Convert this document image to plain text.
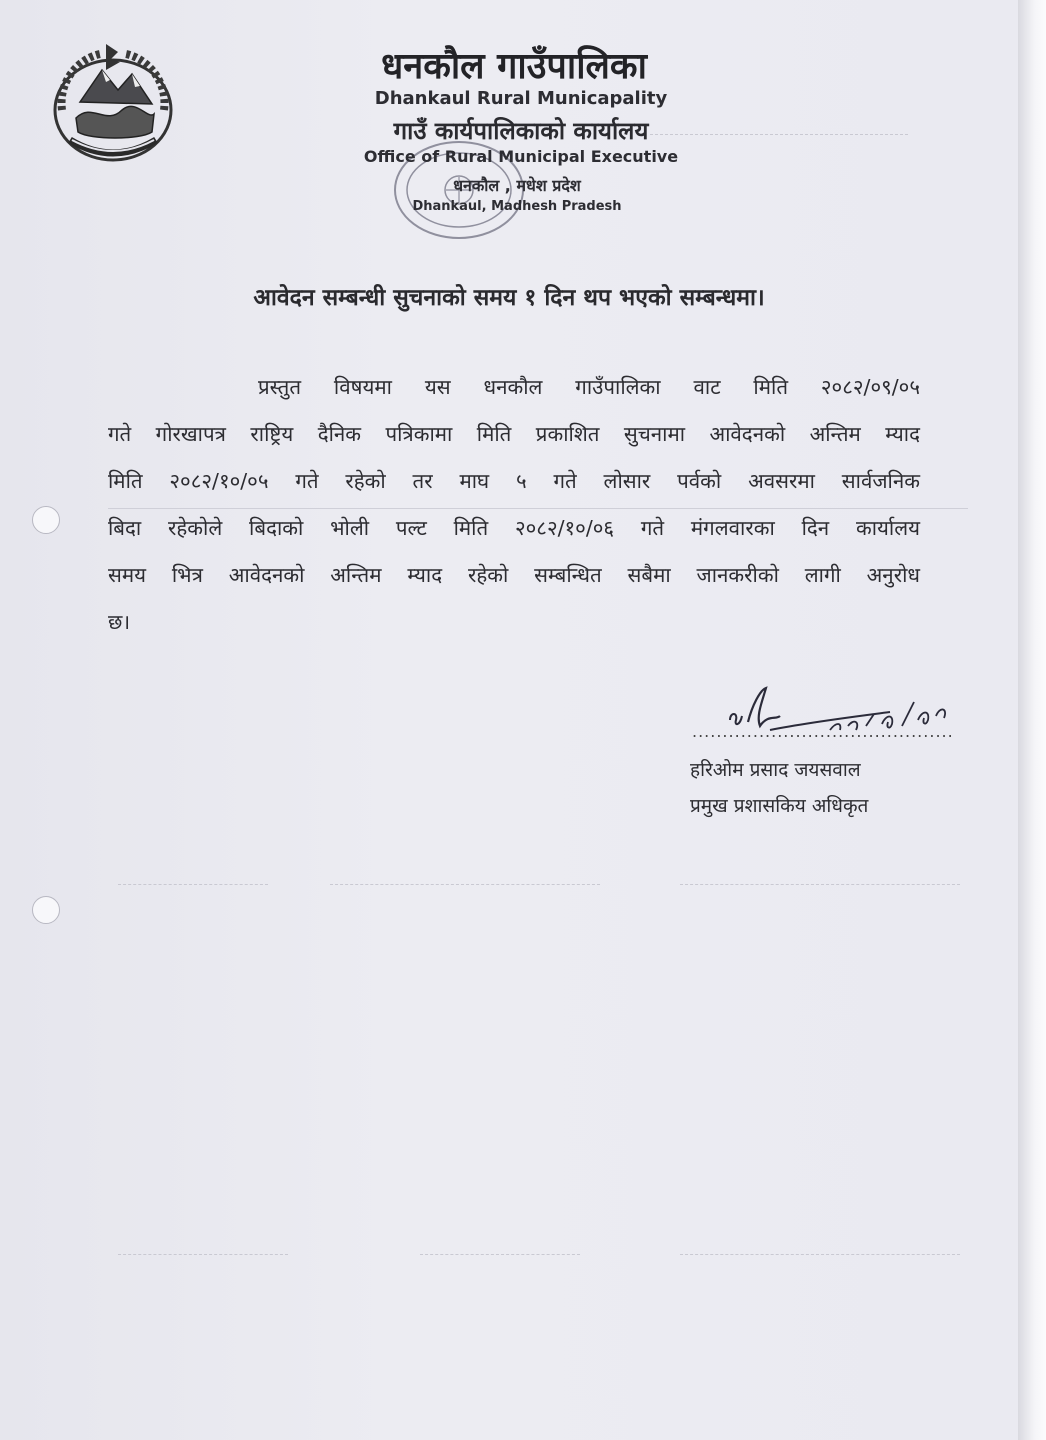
धनकौल गाउँपालिका
Dhankaul Rural Municapality
गाउँ कार्यपालिकाको कार्यालय
Office of Rural Municipal Executive
धनकौल , मधेश प्रदेश
Dhankaul, Madhesh Pradesh
आवेदन सम्बन्धी सुचनाको समय १ दिन थप भएको सम्बन्धमा।
प्रस्तुत विषयमा यस धनकौल गाउँपालिका वाट मिति २०८२/०९/०५
गते गोरखापत्र राष्ट्रिय दैनिक पत्रिकामा मिति प्रकाशित सुचनामा आवेदनको अन्तिम म्याद
मिति २०८२/१०/०५ गते रहेको तर माघ ५ गते लोसार पर्वको अवसरमा सार्वजनिक
बिदा रहेकोले बिदाको भोली पल्ट मिति २०८२/१०/०६ गते मंगलवारका दिन कार्यालय
समय भित्र आवेदनको अन्तिम म्याद रहेको सम्बन्धित सबैमा जानकरीको लागी अनुरोध
छ।
...........................................
हरिओम प्रसाद जयसवाल
प्रमुख प्रशासकिय अधिकृत
